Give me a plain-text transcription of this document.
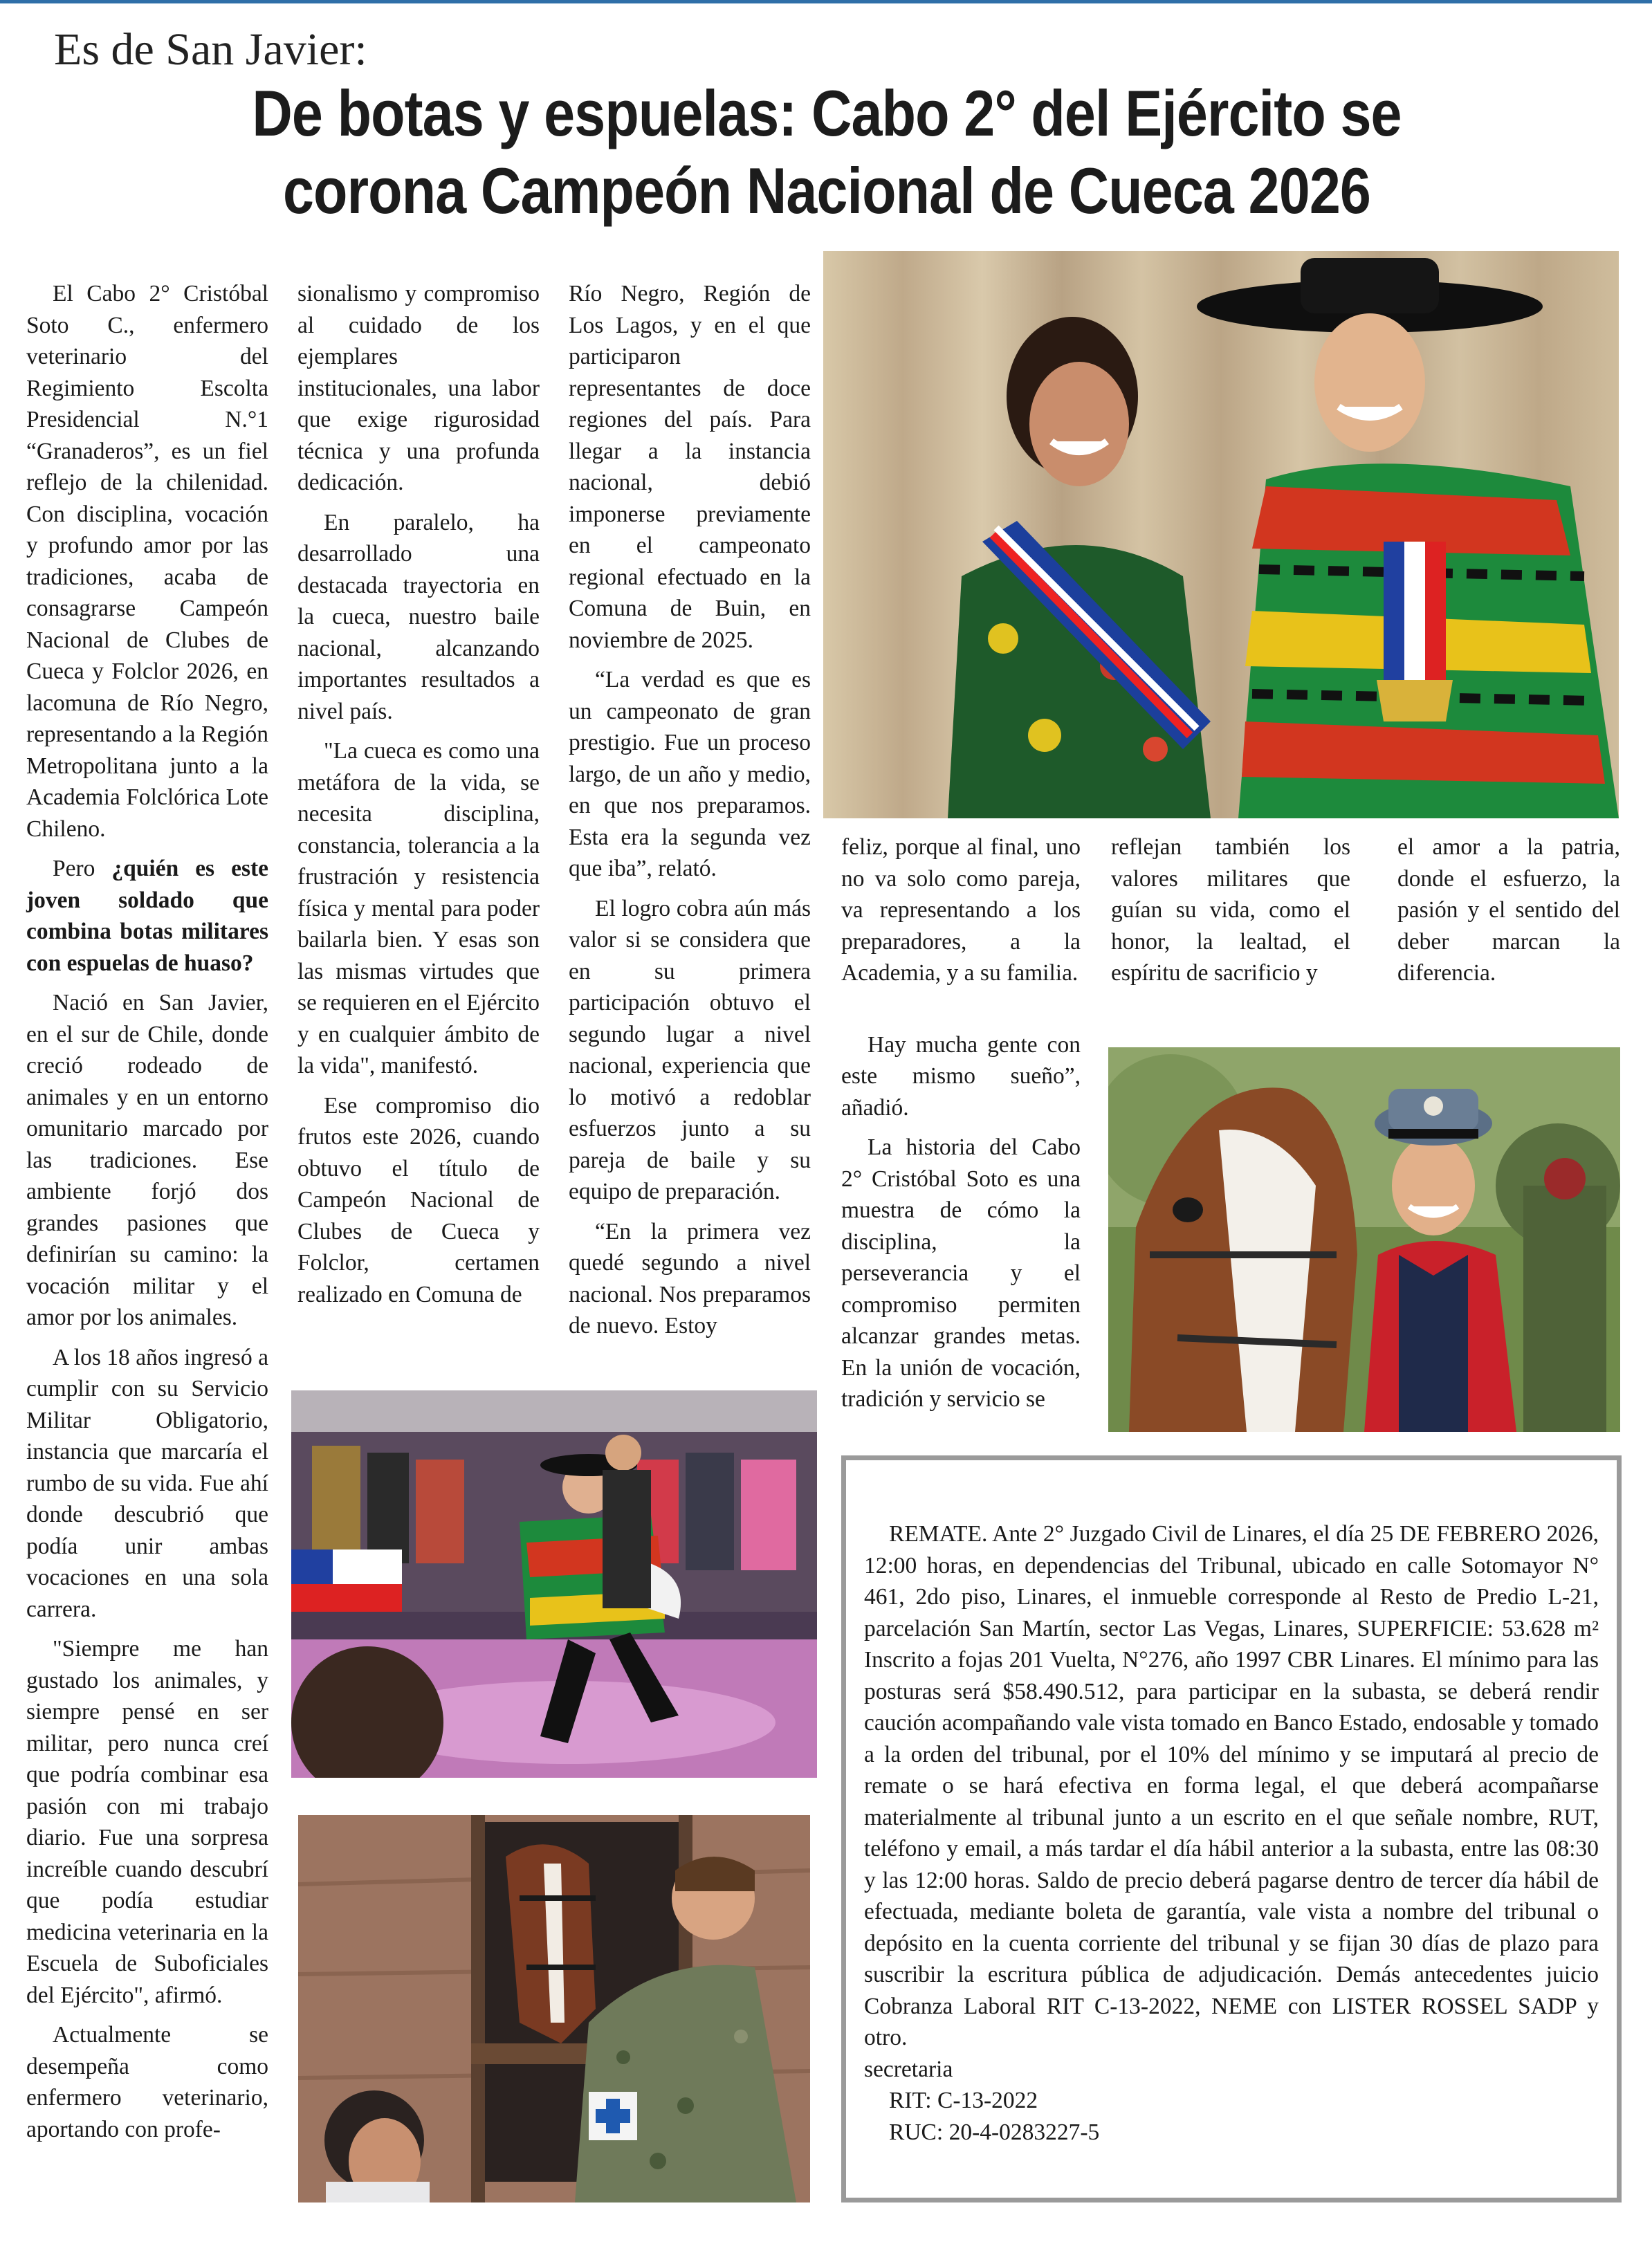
Es de San Javier:
De botas y espuelas: Cabo 2° del Ejército se
corona Campeón Nacional de Cueca 2026

El Cabo 2° Cristóbal Soto C., enfermero veterinario del Regimiento Escolta Presidencial N.°1 “Granaderos”, es un fiel reflejo de la chilenidad. Con disciplina, vocación y profundo amor por las tradiciones, acaba de consagrarse Campeón Nacional de Clubes de Cueca y Folclor 2026, en lacomuna de Río Negro, representando a la Región Metropolitana junto a la Academia Folclórica Lote Chileno.

Pero ¿quién es este joven soldado que combina botas militares con espuelas de huaso?

Nació en San Javier, en el sur de Chile, donde creció rodeado de animales y en un entorno omunitario marcado por las tradiciones. Ese ambiente forjó dos grandes pasiones que definirían su camino: la vocación militar y el amor por los animales.

A los 18 años ingresó a cumplir con su Servicio Militar Obligatorio, instancia que marcaría el rumbo de su vida. Fue ahí donde descubrió que podía unir ambas vocaciones en una sola carrera.

"Siempre me han gustado los animales, y siempre pensé en ser militar, pero nunca creí que podría combinar esa pasión con mi trabajo diario. Fue una sorpresa increíble cuando descubrí que podía estudiar medicina veterinaria en la Escuela de Suboficiales del Ejército", afirmó.

Actualmente se desempeña como enfermero veterinario, aportando con profe-

sionalismo y compromiso al cuidado de los ejemplares institucionales, una labor que exige rigurosidad técnica y una profunda dedicación.

En paralelo, ha desarrollado una destacada trayectoria en la cueca, nuestro baile nacional, alcanzando importantes resultados a nivel país.

"La cueca es como una metáfora de la vida, se necesita disciplina, constancia, tolerancia a la frustración y resistencia física y mental para poder bailarla bien. Y esas son las mismas virtudes que se requieren en el Ejército y en cualquier ámbito de la vida", manifestó.

Ese compromiso dio frutos este 2026, cuando obtuvo el título de Campeón Nacional de Clubes de Cueca y Folclor, certamen realizado en Comuna de

Río Negro, Región de Los Lagos, y en el que participaron representantes de doce regiones del país. Para llegar a la instancia nacional, debió imponerse previamente en el campeonato regional efectuado en la Comuna de Buin, en noviembre de 2025.

“La verdad es que es un campeonato de gran prestigio. Fue un proceso largo, de un año y medio, en que nos preparamos. Esta era la segunda vez que iba”, relató.

El logro cobra aún más valor si se considera que en su primera participación obtuvo el segundo lugar a nivel nacional, experiencia que lo motivó a redoblar esfuerzos junto a su pareja de baile y su equipo de preparación.

“En la primera vez quedé segundo a nivel nacional. Nos preparamos de nuevo. Estoy

feliz, porque al final, uno no va solo como pareja, va representando a los preparadores, a la Academia, y a su familia.

Hay mucha gente con este mismo sueño”, añadió.

La historia del Cabo 2° Cristóbal Soto es una muestra de cómo la disciplina, la perseverancia y el compromiso permiten alcanzar grandes metas. En la unión de vocación, tradición y servicio se

reflejan también los valores militares que guían su vida, como el honor, la lealtad, el espíritu de sacrificio y

el amor a la patria, donde el esfuerzo, la pasión y el sentido del deber marcan la diferencia.

REMATE. Ante 2° Juzgado Civil de Linares, el día 25 DE FEBRERO 2026, 12:00 horas, en dependencias del Tribunal, ubicado en calle Sotomayor N° 461, 2do piso, Linares, el inmueble corresponde al Resto de Predio L-21, parcelación San Martín, sector Las Vegas, Linares, SUPERFICIE: 53.628 m² Inscrito a fojas 201 Vuelta, N°276, año 1997 CBR Linares. El mínimo para las posturas será $58.490.512, para participar en la subasta, se deberá rendir caución acompañando vale vista tomado en Banco Estado, endosable y tomado a la orden del tribunal, por el 10% del mínimo y se imputará al precio de remate o se hará efectiva en forma legal, el que deberá acompañarse materialmente al tribunal junto a un escrito en el que señale nombre, RUT, teléfono y email, a más tardar el día hábil anterior a la subasta, entre las 08:30 y las 12:00 horas. Saldo de precio deberá pagarse dentro de tercer día hábil de efectuada, mediante boleta de garantía, vale vista a nombre del tribunal o depósito en la cuenta corriente del tribunal y se fijan 30 días de plazo para suscribir la escritura pública de adjudicación. Demás antecedentes juicio Cobranza Laboral RIT C-13-2022, NEME con LISTER ROSSEL SADP y otro.

secretaria

RIT: C-13-2022

RUC: 20-4-0283227-5
